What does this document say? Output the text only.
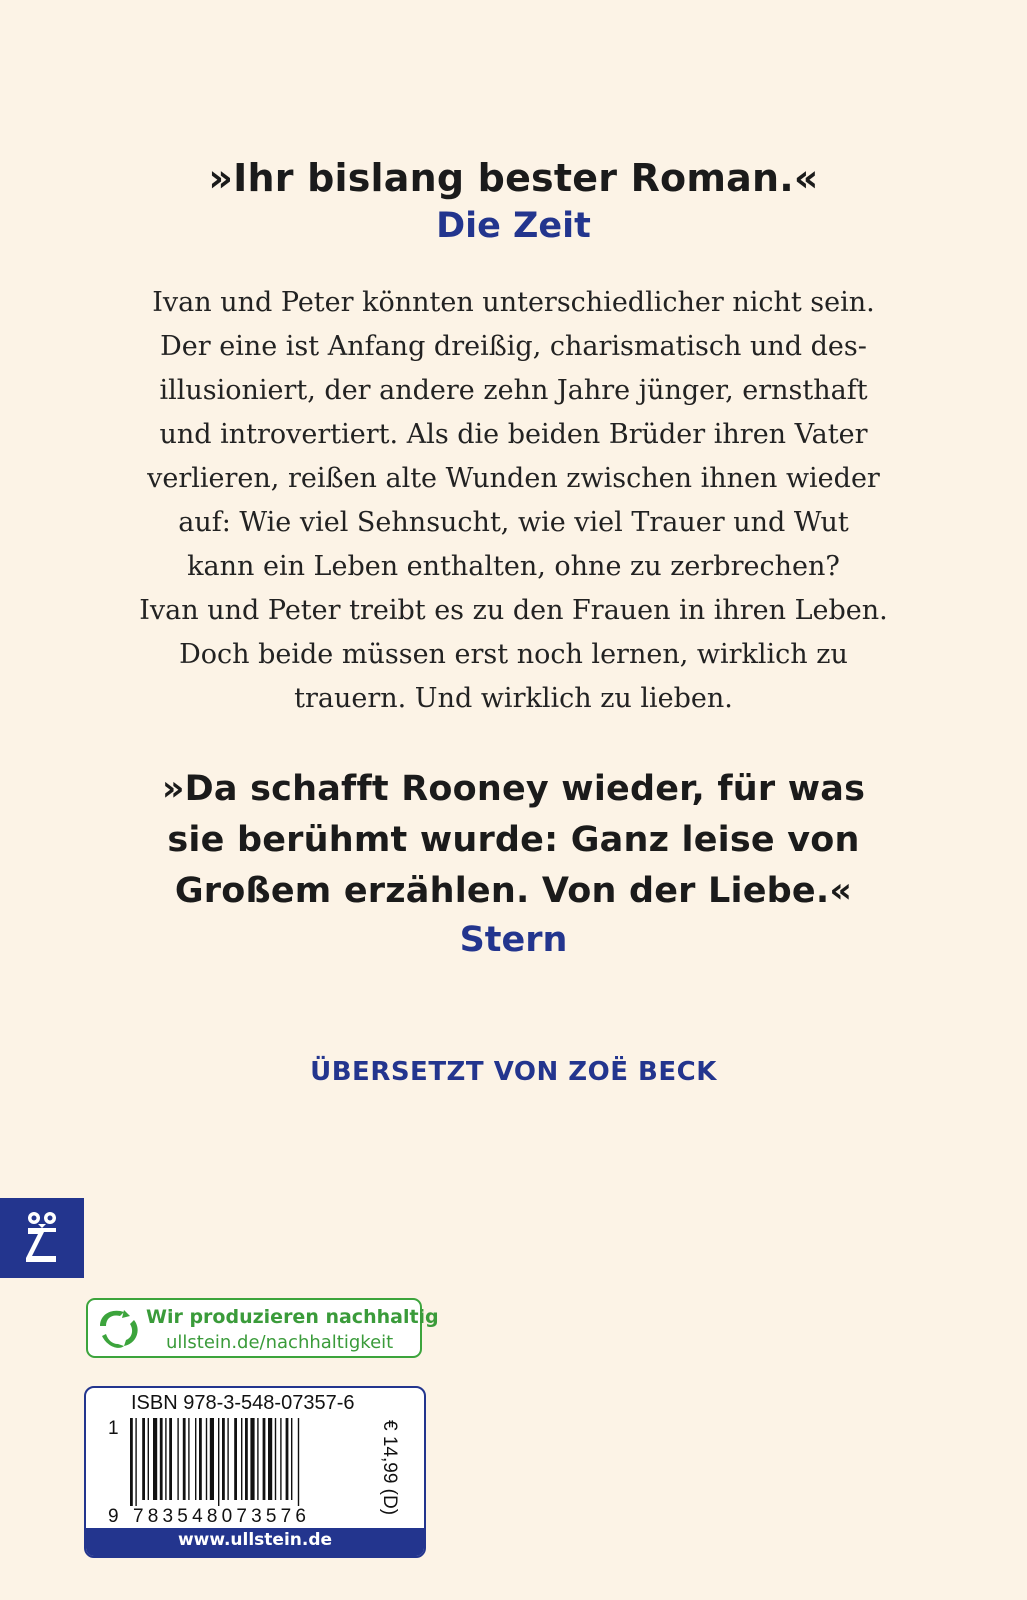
»Ihr bislang bester Roman.«
Die Zeit
Ivan und Peter könnten unterschiedlicher nicht sein.
Der eine ist Anfang dreißig, charismatisch und des-
illusioniert, der andere zehn Jahre jünger, ernsthaft
und introvertiert. Als die beiden Brüder ihren Vater
verlieren, reißen alte Wunden zwischen ihnen wieder
auf: Wie viel Sehnsucht, wie viel Trauer und Wut
kann ein Leben enthalten, ohne zu zerbrechen?
Ivan und Peter treibt es zu den Frauen in ihren Leben.
Doch beide müssen erst noch lernen, wirklich zu
trauern. Und wirklich zu lieben.
»Da schafft Rooney wieder, für was
sie berühmt wurde: Ganz leise von
Großem erzählen. Von der Liebe.«
Stern
ÜBERSETZT VON ZOË BECK
Wir produzieren nachhaltig
ullstein.de/nachhaltigkeit
ISBN 978-3-548-07357-6
1
9 783548073576
€ 14,99 (D)
www.ullstein.de
